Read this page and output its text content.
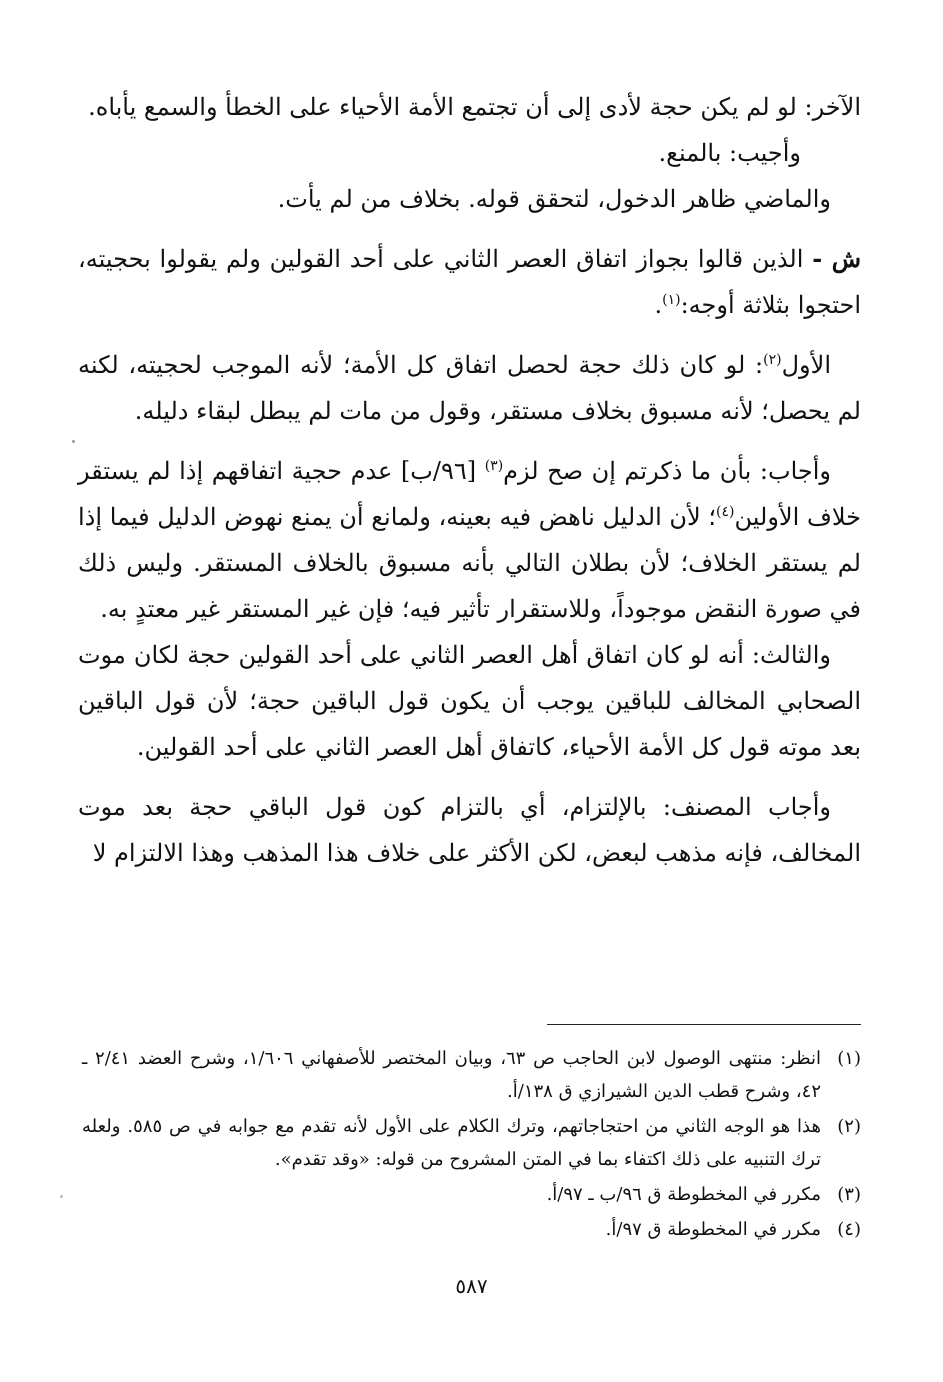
الآخر: لو لم يكن حجة لأدى إلى أن تجتمع الأمة الأحياء على الخطأ والسمع يأباه.

وأجيب: بالمنع.

والماضي ظاهر الدخول، لتحقق قوله. بخلاف من لم يأت.

ش - الذين قالوا بجواز اتفاق العصر الثاني على أحد القولين ولم يقولوا بحجيته، احتجوا بثلاثة أوجه:$^{(١)}$.

الأول$^{(٢)}$: لو كان ذلك حجة لحصل اتفاق كل الأمة؛ لأنه الموجب لحجيته، لكنه لم يحصل؛ لأنه مسبوق بخلاف مستقر، وقول من مات لم يبطل لبقاء دليله.

وأجاب: بأن ما ذكرتم إن صح لزم$^{(٣)}$ [٩٦/ب] عدم حجية اتفاقهم إذا لم يستقر خلاف الأولين$^{(٤)}$؛ لأن الدليل ناهض فيه بعينه، ولمانع أن يمنع نهوض الدليل فيما إذا لم يستقر الخلاف؛ لأن بطلان التالي بأنه مسبوق بالخلاف المستقر. وليس ذلك في صورة النقض موجوداً، وللاستقرار تأثير فيه؛ فإن غير المستقر غير معتدٍ به.

والثالث: أنه لو كان اتفاق أهل العصر الثاني على أحد القولين حجة لكان موت الصحابي المخالف للباقين يوجب أن يكون قول الباقين حجة؛ لأن قول الباقين بعد موته قول كل الأمة الأحياء، كاتفاق أهل العصر الثاني على أحد القولين.

وأجاب المصنف: بالإلتزام، أي بالتزام كون قول الباقي حجة بعد موت المخالف، فإنه مذهب لبعض، لكن الأكثر على خلاف هذا المذهب وهذا الالتزام لا

(١)
انظر: منتهى الوصول لابن الحاجب ص ٦٣، وبيان المختصر للأصفهاني ١/٦٠٦، وشرح العضد ٢/٤١ ـ ٤٢، وشرح قطب الدين الشيرازي ق ١٣٨/أ.
(٢)
هذا هو الوجه الثاني من احتجاجاتهم، وترك الكلام على الأول لأنه تقدم مع جوابه في ص ٥٨٥. ولعله ترك التنبيه على ذلك اكتفاء بما في المتن المشروح من قوله: «وقد تقدم».
(٣)
مكرر في المخطوطة ق ٩٦/ب ـ ٩٧/أ.
(٤)
مكرر في المخطوطة ق ٩٧/أ.
٥٨٧
